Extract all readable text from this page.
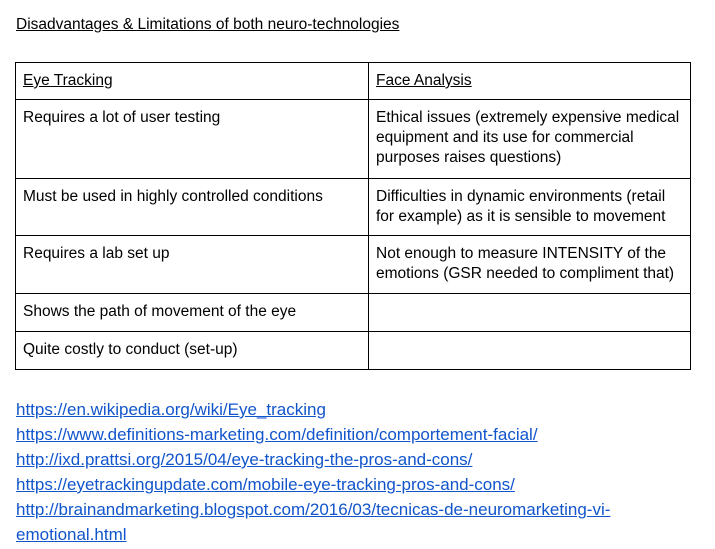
Disadvantages & Limitations of both neuro-technologies

Eye Tracking	Face Analysis
Requires a lot of user testing	Ethical issues (extremely expensive medical equipment and its use for commercial purposes raises questions)
Must be used in highly controlled conditions	Difficulties in dynamic environments (retail for example) as it is sensible to movement
Requires a lab set up	Not enough to measure INTENSITY of the emotions (GSR needed to compliment that)
Shows the path of movement of the eye	
Quite costly to conduct (set-up)	
https://en.wikipedia.org/wiki/Eye_tracking
https://www.definitions-marketing.com/definition/comportement-facial/
http://ixd.prattsi.org/2015/04/eye-tracking-the-pros-and-cons/
https://eyetrackingupdate.com/mobile-eye-tracking-pros-and-cons/
http://brainandmarketing.blogspot.com/2016/03/tecnicas-de-neuromarketing-vi-emotional.html
